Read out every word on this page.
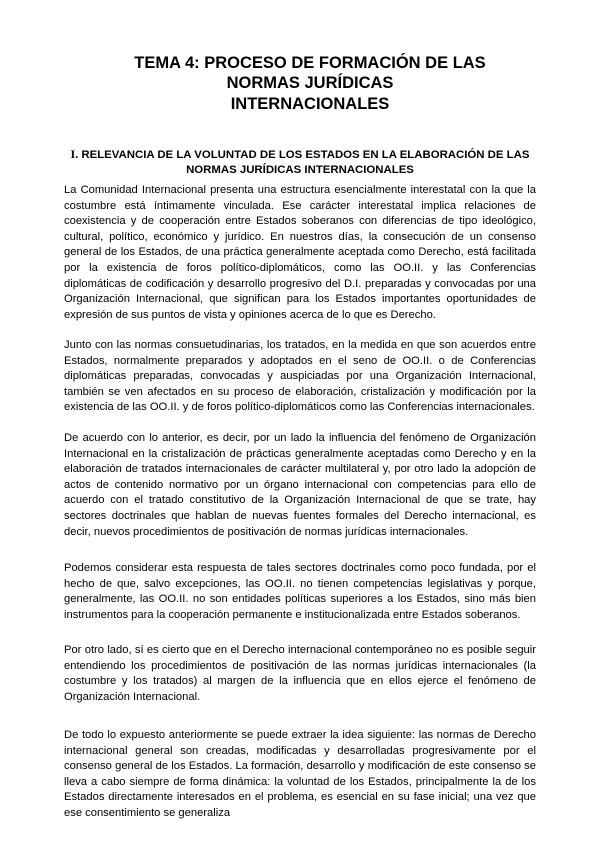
TEMA 4: PROCESO DE FORMACIÓN DE LAS
NORMAS JURÍDICAS
INTERNACIONALES
I. RELEVANCIA DE LA VOLUNTAD DE LOS ESTADOS EN LA ELABORACIÓN DE LAS NORMAS JURÍDICAS INTERNACIONALES

La Comunidad Internacional presenta una estructura esencialmente interestatal con la que la costumbre está íntimamente vinculada. Ese carácter interestatal implica relaciones de coexistencia y de cooperación entre Estados soberanos con diferencias de tipo ideológico, cultural, político, económico y jurídico. En nuestros días, la consecución de un consenso general de los Estados, de una práctica generalmente aceptada como Derecho, está facilitada por la existencia de foros político-diplomáticos, como las OO.II. y las Conferencias diplomáticas de codificación y desarrollo progresivo del D.I. preparadas y convocadas por una Organización Internacional, que significan para los Estados importantes oportunidades de expresión de sus puntos de vista y opiniones acerca de lo que es Derecho.

Junto con las normas consuetudinarias, los tratados, en la medida en que son acuerdos entre Estados, normalmente preparados y adoptados en el seno de OO.II. o de Conferencias diplomáticas preparadas, convocadas y auspiciadas por una Organización Internacional, también se ven afectados en su proceso de elaboración, cristalización y modificación por la existencia de las OO.II. y de foros político-diplomáticos como las Conferencias internacionales.

De acuerdo con lo anterior, es decir, por un lado la influencia del fenómeno de Organización Internacional en la cristalización de prácticas generalmente aceptadas como Derecho y en la elaboración de tratados internacionales de carácter multilateral y, por otro lado la adopción de actos de contenido normativo por un órgano internacional con competencias para ello de acuerdo con el tratado constitutivo de la Organización Internacional de que se trate, hay sectores doctrinales que hablan de nuevas fuentes formales del Derecho internacional, es decir, nuevos procedimientos de positivación de normas jurídicas internacionales.

Podemos considerar esta respuesta de tales sectores doctrinales como poco fundada, por el hecho de que, salvo excepciones, las OO.II. no tienen competencias legislativas y porque, generalmente, las OO.II. no son entidades políticas superiores a los Estados, sino más bien instrumentos para la cooperación permanente e institucionalizada entre Estados soberanos.

Por otro lado, sí es cierto que en el Derecho internacional contemporáneo no es posible seguir entendiendo los procedimientos de positivación de las normas jurídicas internacionales (la costumbre y los tratados) al margen de la influencia que en ellos ejerce el fenómeno de Organización Internacional.

De todo lo expuesto anteriormente se puede extraer la idea siguiente: las normas de Derecho internacional general son creadas, modificadas y desarrolladas progresivamente por el consenso general de los Estados. La formación, desarrollo y modificación de este consenso se lleva a cabo siempre de forma dinámica: la voluntad de los Estados, principalmente la de los Estados directamente interesados en el problema, es esencial en su fase inicial; una vez que ese consentimiento se generaliza
